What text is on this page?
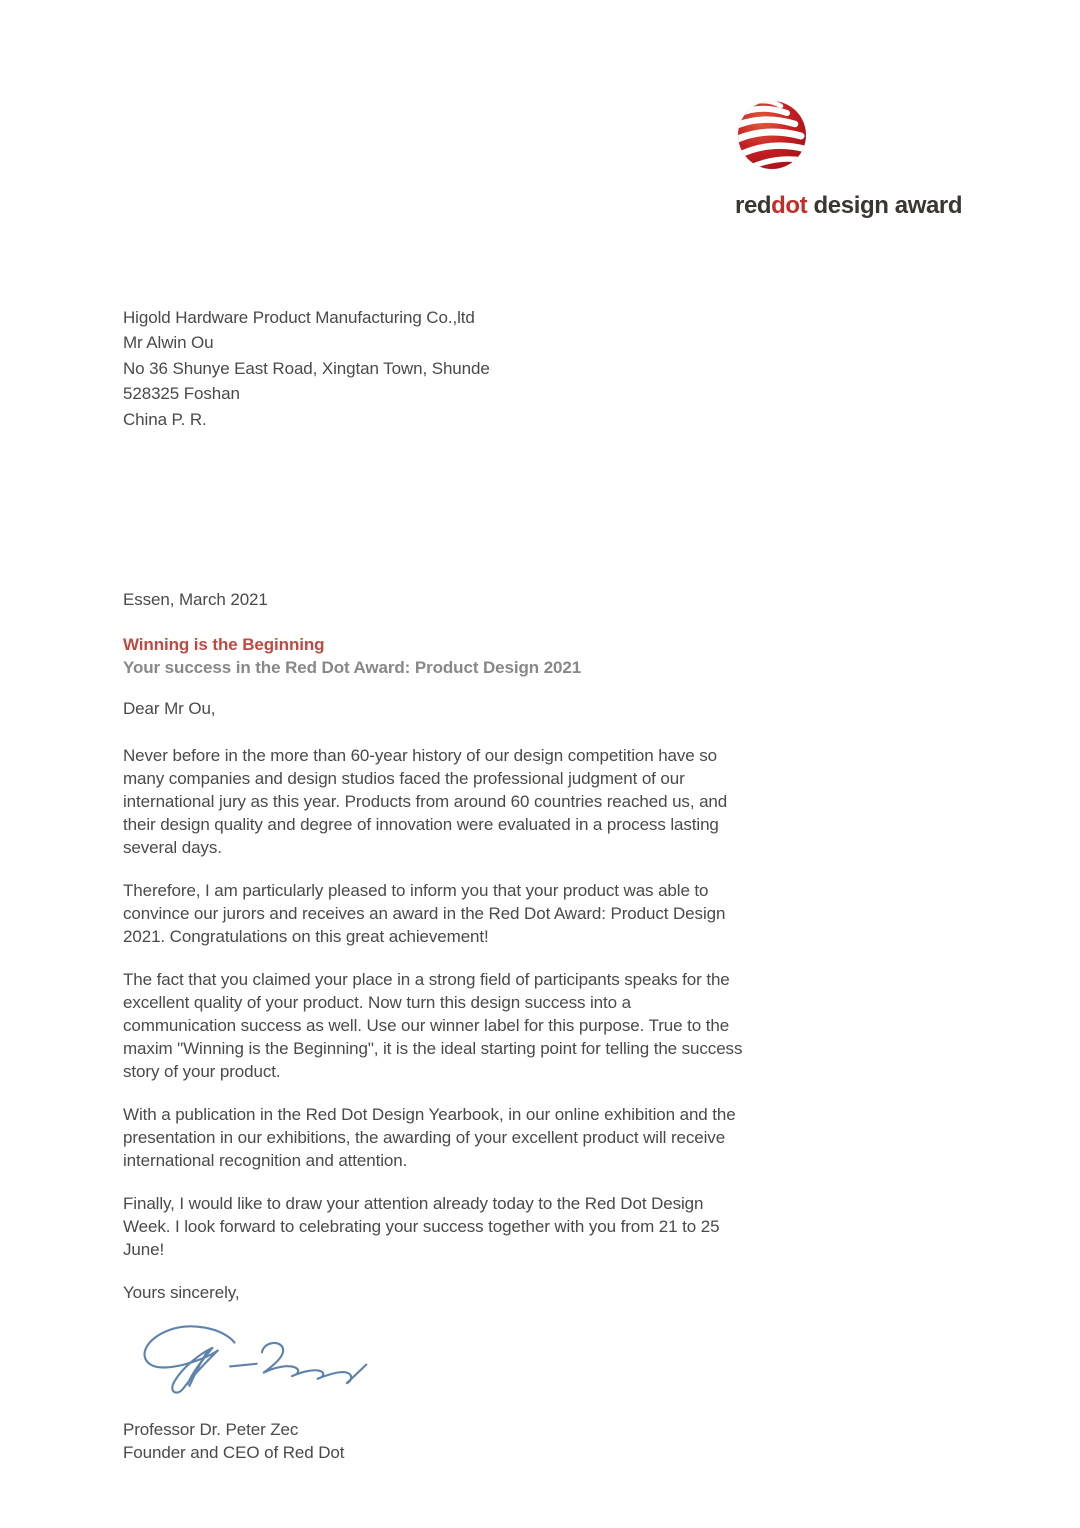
reddot design award
Higold Hardware Product Manufacturing Co.,ltd
Mr Alwin Ou
No 36 Shunye East Road, Xingtan Town, Shunde
528325 Foshan
China P. R.
Essen, March 2021
Winning is the Beginning
Your success in the Red Dot Award: Product Design 2021
Dear Mr Ou,

Never before in the more than 60-year history of our design competition have so many companies and design studios faced the professional judgment of our international jury as this year. Products from around 60 countries reached us, and their design quality and degree of innovation were evaluated in a process lasting several days.

Therefore, I am particularly pleased to inform you that your product was able to convince our jurors and receives an award in the Red Dot Award: Product Design 2021. Congratulations on this great achievement!

The fact that you claimed your place in a strong field of participants speaks for the excellent quality of your product. Now turn this design success into a communication success as well. Use our winner label for this purpose. True to the maxim "Winning is the Beginning", it is the ideal starting point for telling the success story of your product.

With a publication in the Red Dot Design Yearbook, in our online exhibition and the presentation in our exhibitions, the awarding of your excellent product will receive international recognition and attention.

Finally, I would like to draw your attention already today to the Red Dot Design Week. I look forward to celebrating your success together with you from 21 to 25 June!

Yours sincerely,
Professor Dr. Peter Zec
Founder and CEO of Red Dot
